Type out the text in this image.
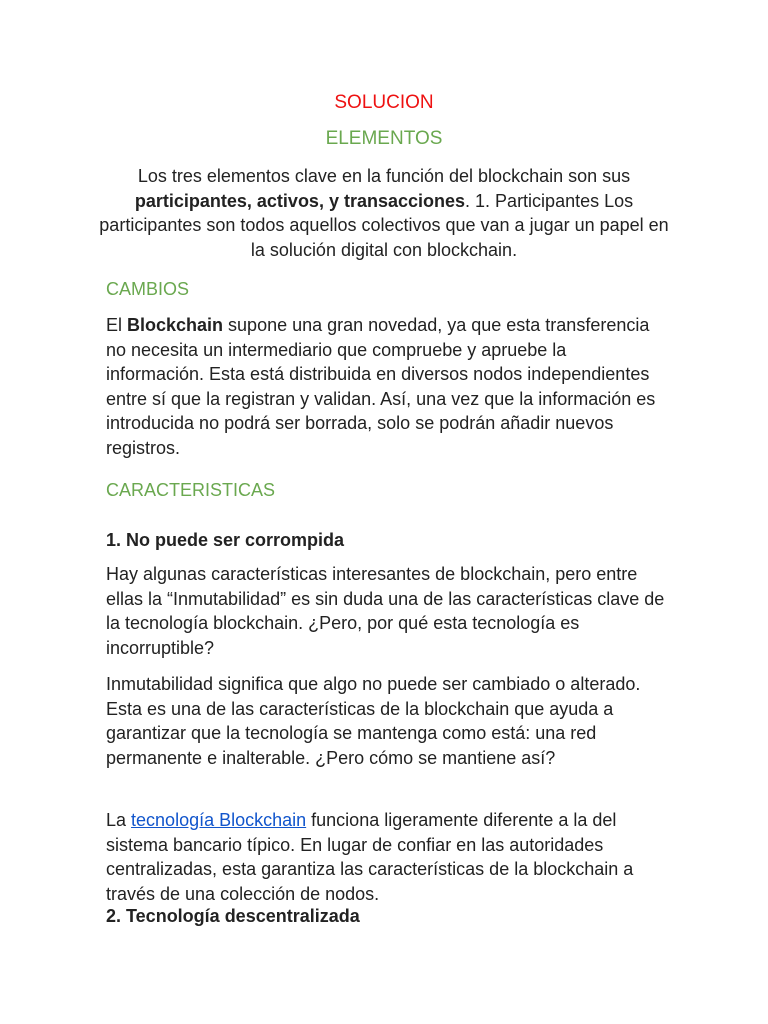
SOLUCION
ELEMENTOS
Los tres elementos clave en la función del blockchain son sus participantes, activos, y transacciones. 1. Participantes Los participantes son todos aquellos colectivos que van a jugar un papel en la solución digital con blockchain.
CAMBIOS
El Blockchain supone una gran novedad, ya que esta transferencia no necesita un intermediario que compruebe y apruebe la información. Esta está distribuida en diversos nodos independientes entre sí que la registran y validan. Así, una vez que la información es introducida no podrá ser borrada, solo se podrán añadir nuevos registros.
CARACTERISTICAS
1. No puede ser corrompida
Hay algunas características interesantes de blockchain, pero entre ellas la “Inmutabilidad” es sin duda una de las características clave de la tecnología blockchain. ¿Pero, por qué esta tecnología es incorruptible?
Inmutabilidad significa que algo no puede ser cambiado o alterado. Esta es una de las características de la blockchain que ayuda a garantizar que la tecnología se mantenga como está: una red permanente e inalterable. ¿Pero cómo se mantiene así?
La tecnología Blockchain funciona ligeramente diferente a la del sistema bancario típico. En lugar de confiar en las autoridades centralizadas, esta garantiza las características de la blockchain a través de una colección de nodos.
2. Tecnología descentralizada
